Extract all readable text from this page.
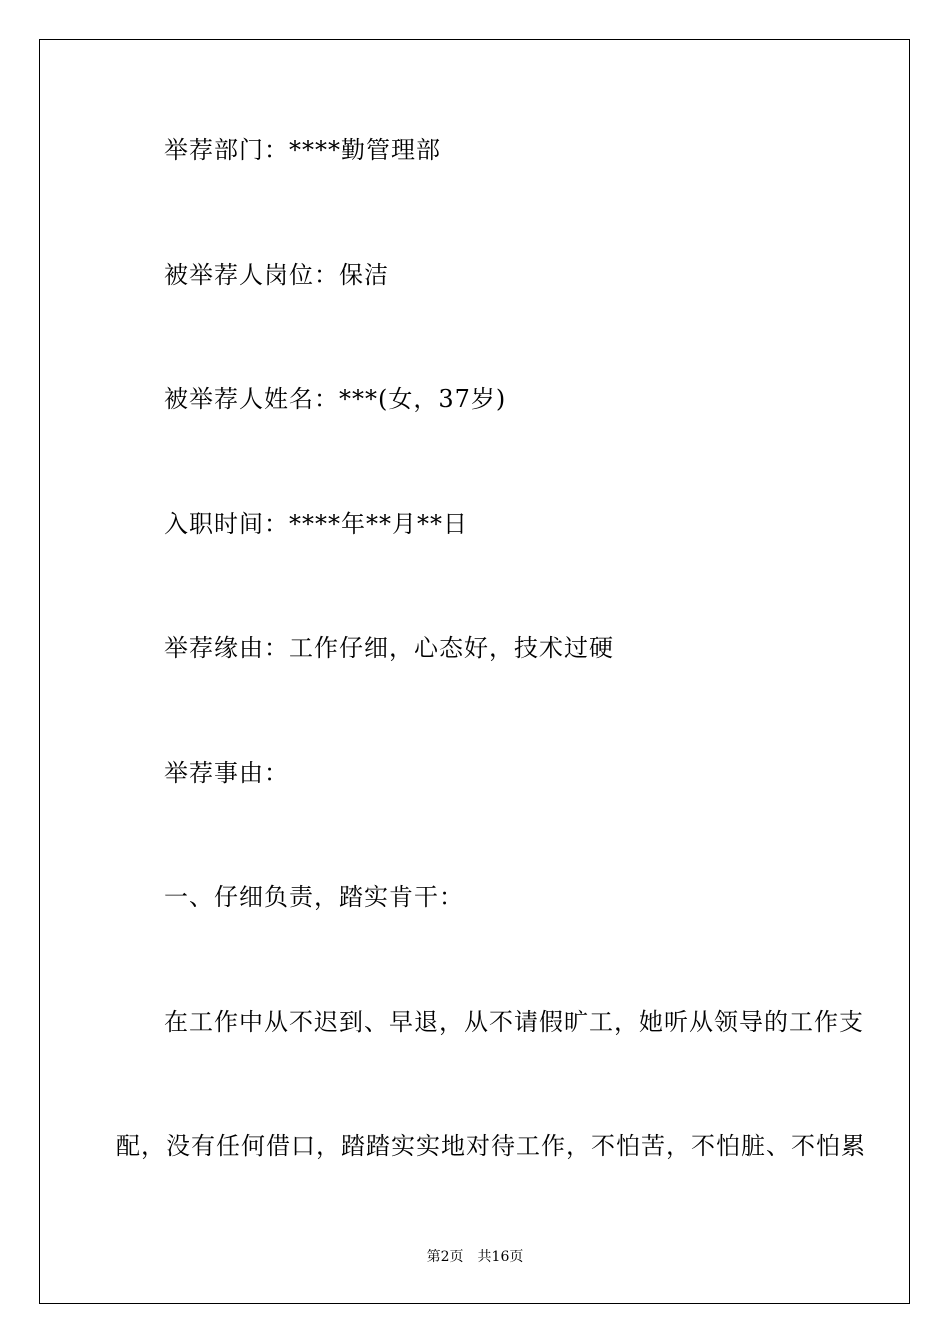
举荐部门：****勤管理部
被举荐人岗位：保洁
被举荐人姓名：***(女，37岁)
入职时间：****年**月**日
举荐缘由：工作仔细，心态好，技术过硬
举荐事由：
一、仔细负责，踏实肯干：
在工作中从不迟到、早退，从不请假旷工，她听从领导的工作支
配，没有任何借口，踏踏实实地对待工作，不怕苦，不怕脏、不怕累
第2页 共16页
